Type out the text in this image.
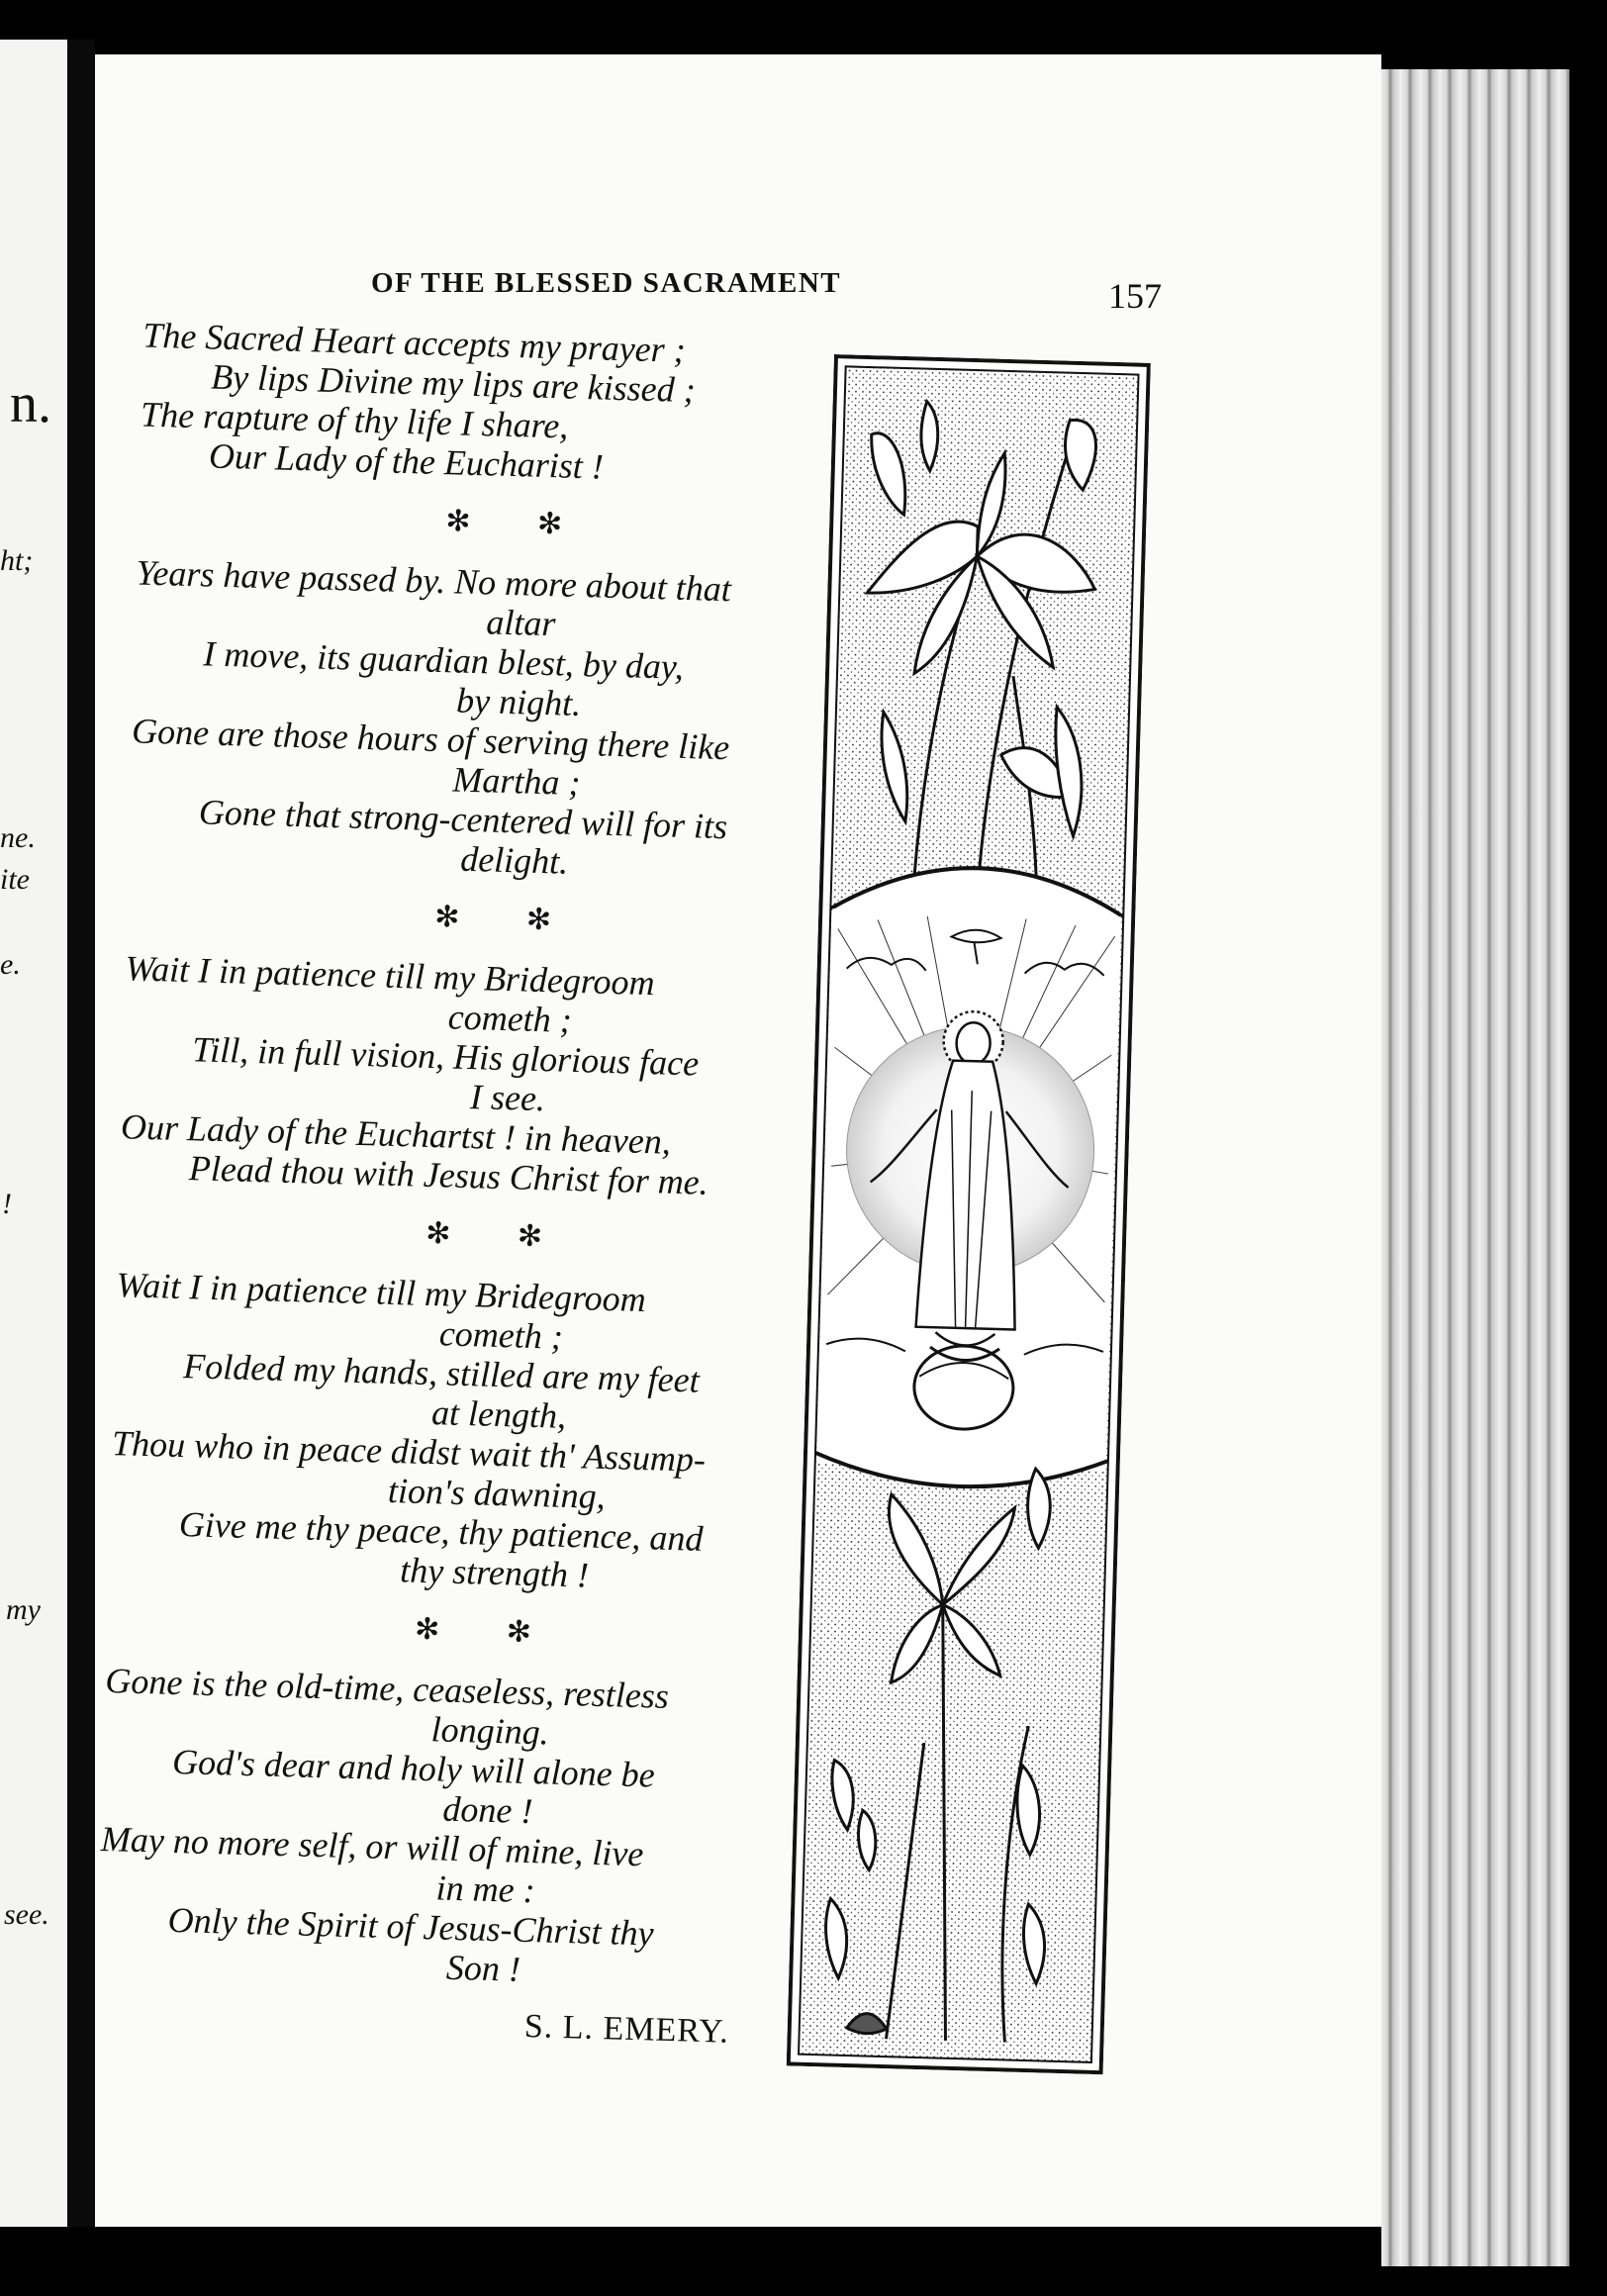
n.
ht;
ne.
ite
e.
!
my
see.
OF THE BLESSED SACRAMENT	157
The Sacred Heart accepts my prayer ;
By lips Divine my lips are kissed ;
The rapture of thy life I share,
Our Lady of the Eucharist !
✻ ✻
Years have passed by. No more about that
altar
I move, its guardian blest, by day,
by night.
Gone are those hours of serving there like
Martha ;
Gone that strong-centered will for its
delight.
✻ ✻
Wait I in patience till my Bridegroom
cometh ;
Till, in full vision, His glorious face
I see.
Our Lady of the Euchartst ! in heaven,
Plead thou with Jesus Christ for me.
✻ ✻
Wait I in patience till my Bridegroom
cometh ;
Folded my hands, stilled are my feet
at length,
Thou who in peace didst wait th' Assump-
tion's dawning,
Give me thy peace, thy patience, and
thy strength !
✻ ✻
Gone is the old-time, ceaseless, restless
longing.
God's dear and holy will alone be
done !
May no more self, or will of mine, live
in me :
Only the Spirit of Jesus-Christ thy
Son !
S. L. EMERY.
